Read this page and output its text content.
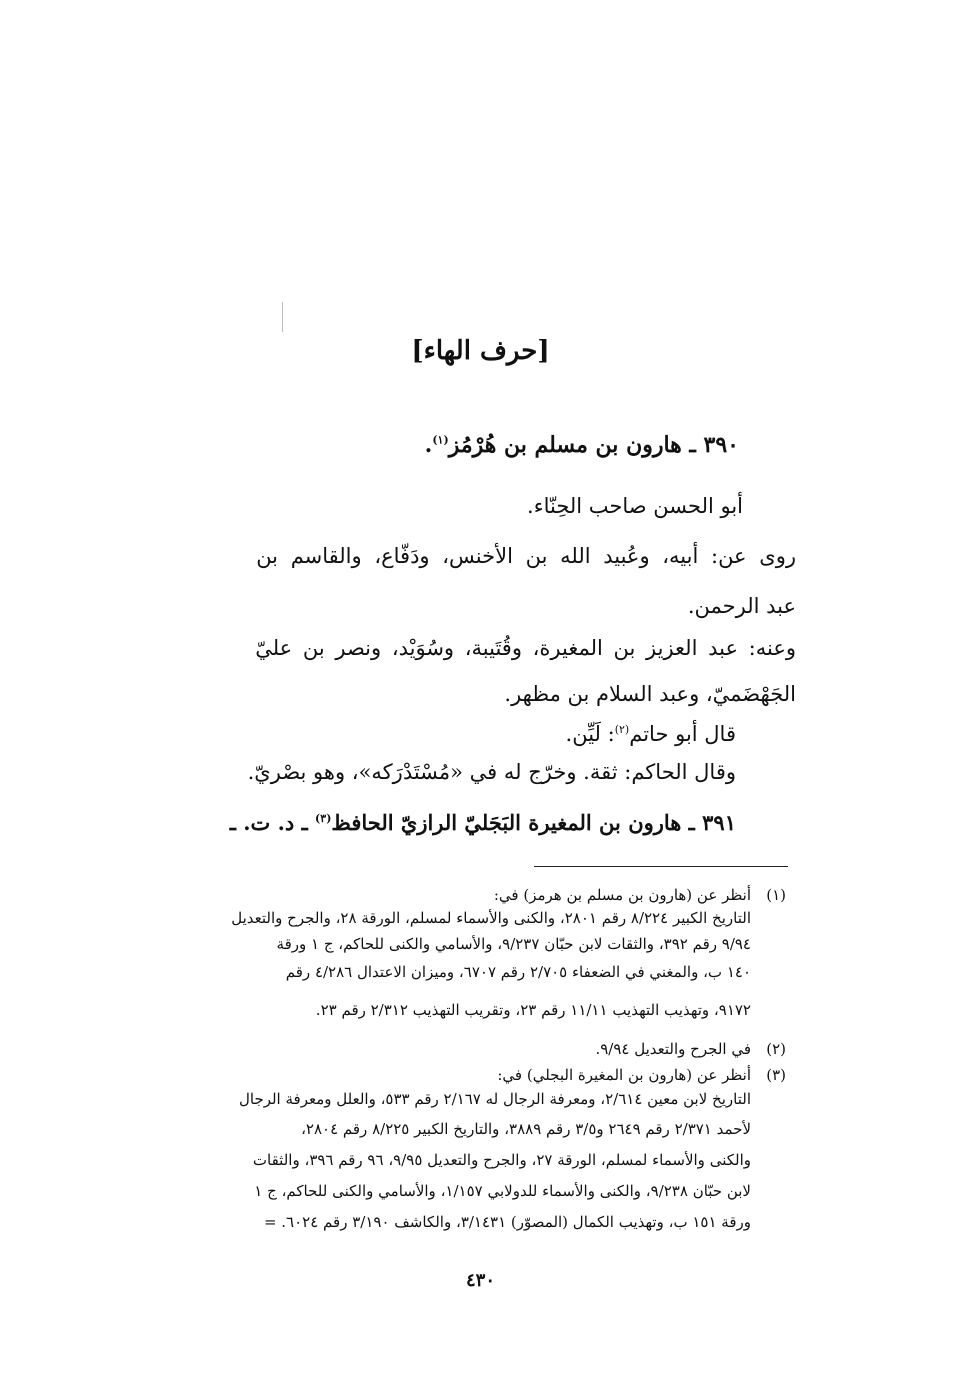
[حرف الهاء]
٣٩٠ ـ هارون بن مسلم بن هُرْمُز$^{(١)}$.
أبو الحسن صاحب الحِنّاء.
روى عن: أبيه، وعُبيد الله بن الأخنس، ودَفّاع، والقاسم بن
عبد الرحمن.
وعنه: عبد العزيز بن المغيرة، وقُتَيبة، وسُوَيْد، ونصر بن عليّ
الجَهْضَميّ، وعبد السلام بن مظهر.
قال أبو حاتم$^{(٢)}$: لَيِّن.
وقال الحاكم: ثقة. وخرّج له في «مُسْتَدْرَكه»، وهو بصْريّ.
٣٩١ ـ هارون بن المغيرة البَجَليّ الرازيّ الحافظ$^{(٣)}$ ـ د. ت. ـ
(١)
أنظر عن (هارون بن مسلم بن هرمز) في:
التاريخ الكبير ٨/٢٢٤ رقم ٢٨٠١، والكنى والأسماء لمسلم، الورقة ٢٨، والجرح والتعديل
٩/٩٤ رقم ٣٩٢، والثقات لابن حبّان ٩/٢٣٧، والأسامي والكنى للحاكم، ج ١ ورقة
١٤٠ ب، والمغني في الضعفاء ٢/٧٠٥ رقم ٦٧٠٧، وميزان الاعتدال ٤/٢٨٦ رقم
٩١٧٢، وتهذيب التهذيب ١١/١١ رقم ٢٣، وتقريب التهذيب ٢/٣١٢ رقم ٢٣.
(٢)
في الجرح والتعديل ٩/٩٤.
(٣)
أنظر عن (هارون بن المغيرة البجلي) في:
التاريخ لابن معين ٢/٦١٤، ومعرفة الرجال له ٢/١٦٧ رقم ٥٣٣، والعلل ومعرفة الرجال
لأحمد ٢/٣٧١ رقم ٢٦٤٩ و٣/٥ رقم ٣٨٨٩، والتاريخ الكبير ٨/٢٢٥ رقم ٢٨٠٤،
والكنى والأسماء لمسلم، الورقة ٢٧، والجرح والتعديل ٩/٩٥، ٩٦ رقم ٣٩٦، والثقات
لابن حبّان ٩/٢٣٨، والكنى والأسماء للدولابي ١/١٥٧، والأسامي والكنى للحاكم، ج ١
ورقة ١٥١ ب، وتهذيب الكمال (المصوّر) ٣/١٤٣١، والكاشف ٣/١٩٠ رقم ٦٠٢٤. =
٤٣٠
